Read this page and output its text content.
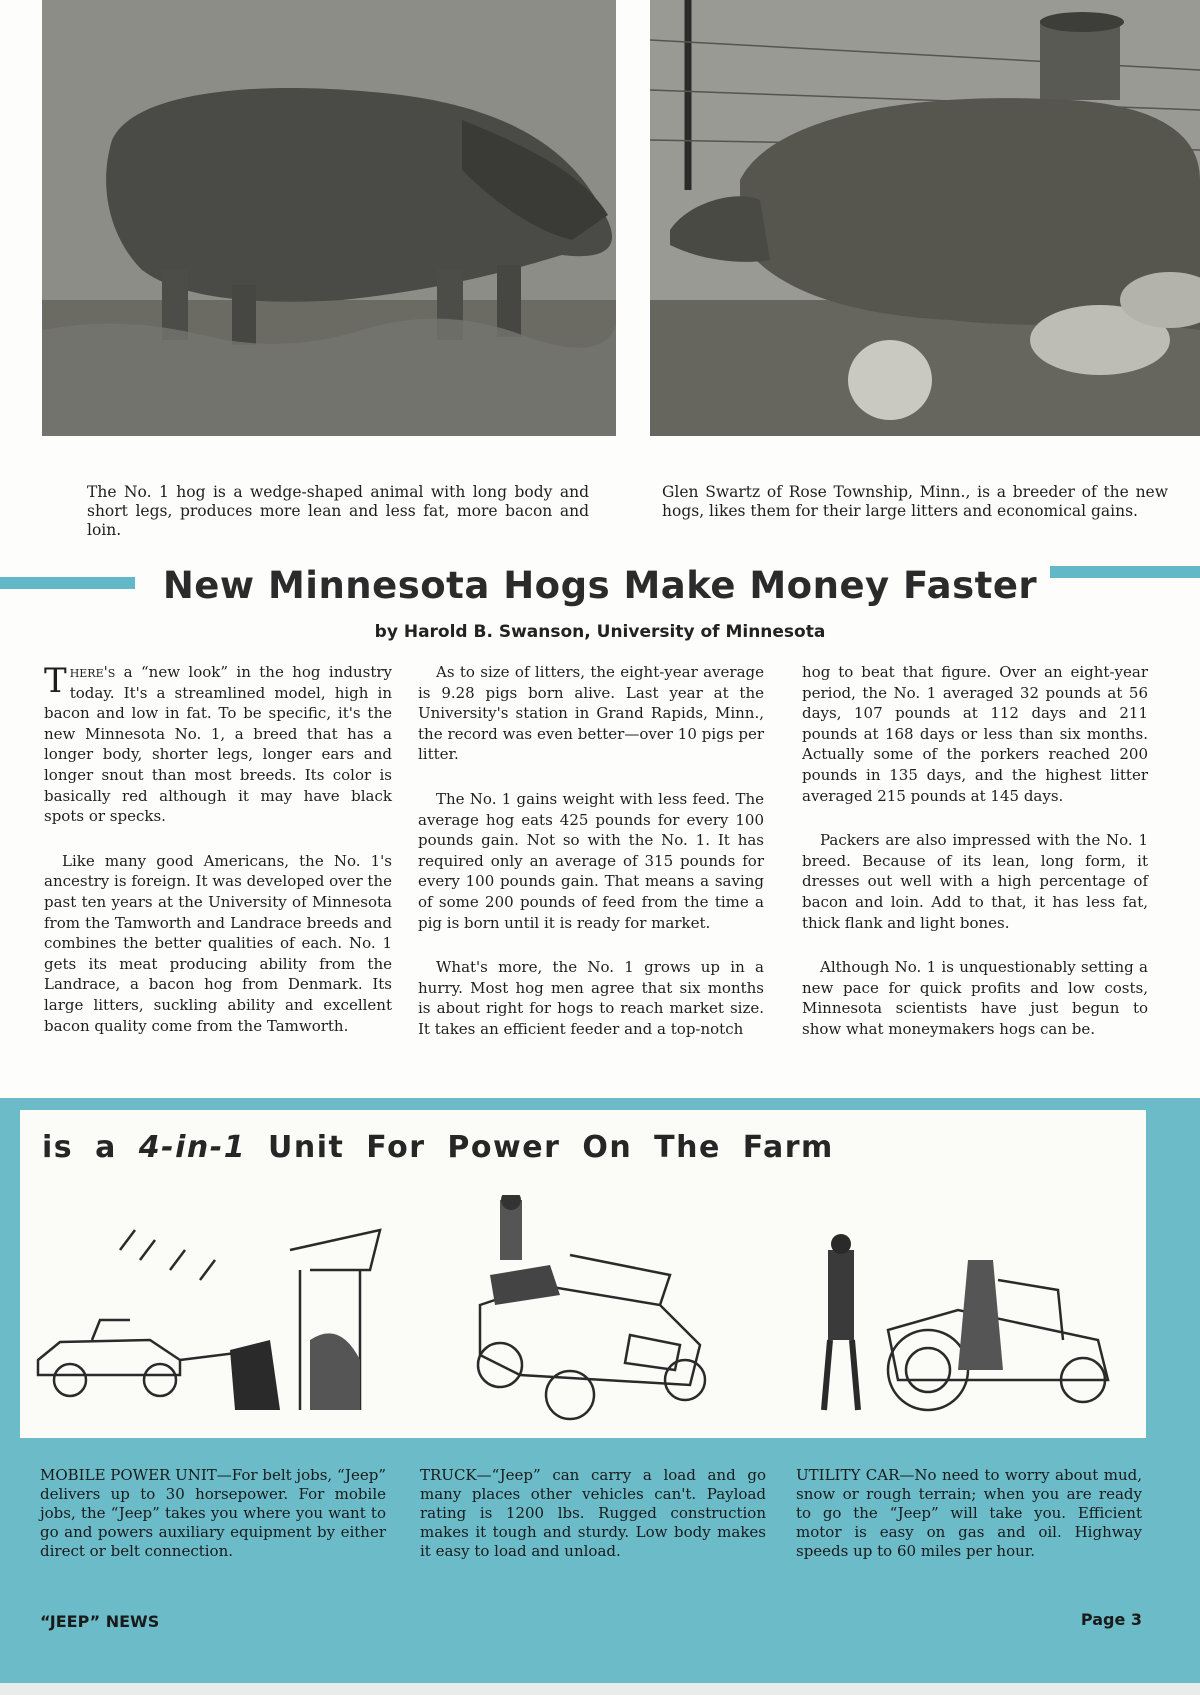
The No. 1 hog is a wedge-shaped animal with long body and short legs, produces more lean and less fat, more bacon and loin.
Glen Swartz of Rose Township, Minn., is a breeder of the new hogs, likes them for their large litters and economical gains.
New Minnesota Hogs Make Money Faster
by Harold B. Swanson, University of Minnesota

There's a “new look” in the hog industry today. It's a streamlined model, high in bacon and low in fat. To be specific, it's the new Minnesota No. 1, a breed that has a longer body, shorter legs, longer ears and longer snout than most breeds. Its color is basically red although it may have black spots or specks.

Like many good Americans, the No. 1's ancestry is foreign. It was developed over the past ten years at the University of Minnesota from the Tamworth and Landrace breeds and combines the better qualities of each. No. 1 gets its meat producing ability from the Landrace, a bacon hog from Denmark. Its large litters, suckling ability and excellent bacon quality come from the Tamworth.

As to size of litters, the eight-year average is 9.28 pigs born alive. Last year at the University's station in Grand Rapids, Minn., the record was even better—over 10 pigs per litter.

The No. 1 gains weight with less feed. The average hog eats 425 pounds for every 100 pounds gain. Not so with the No. 1. It has required only an average of 315 pounds for every 100 pounds gain. That means a saving of some 200 pounds of feed from the time a pig is born until it is ready for market.

What's more, the No. 1 grows up in a hurry. Most hog men agree that six months is about right for hogs to reach market size. It takes an efficient feeder and a top-notch

hog to beat that figure. Over an eight-year period, the No. 1 averaged 32 pounds at 56 days, 107 pounds at 112 days and 211 pounds at 168 days or less than six months. Actually some of the porkers reached 200 pounds in 135 days, and the highest litter averaged 215 pounds at 145 days.

Packers are also impressed with the No. 1 breed. Because of its lean, long form, it dresses out well with a high percentage of bacon and loin. Add to that, it has less fat, thick flank and light bones.

Although No. 1 is unquestionably setting a new pace for quick profits and low costs, Minnesota scientists have just begun to show what moneymakers hogs can be.

is a 4-in-1 Unit For Power On The Farm
MOBILE POWER UNIT—For belt jobs, “Jeep” delivers up to 30 horsepower. For mobile jobs, the “Jeep” takes you where you want to go and powers auxiliary equipment by either direct or belt connection.
TRUCK—“Jeep” can carry a load and go many places other vehicles can't. Payload rating is 1200 lbs. Rugged construction makes it tough and sturdy. Low body makes it easy to load and unload.
UTILITY CAR—No need to worry about mud, snow or rough terrain; when you are ready to go the “Jeep” will take you. Efficient motor is easy on gas and oil. Highway speeds up to 60 miles per hour.
“JEEP” NEWS	Page 3
